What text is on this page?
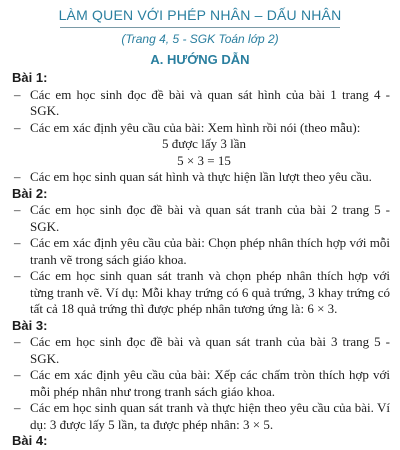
LÀM QUEN VỚI PHÉP NHÂN – DẤU NHÂN
(Trang 4, 5 - SGK Toán lớp 2)
A. HƯỚNG DẪN

Bài 1:

– Các em học sinh đọc đề bài và quan sát hình của bài 1 trang 4 - SGK.

– Các em xác định yêu cầu của bài: Xem hình rồi nói (theo mẫu):

5 được lấy 3 lần

5 × 3 = 15

– Các em học sinh quan sát hình và thực hiện lần lượt theo yêu cầu.

Bài 2:

– Các em học sinh đọc đề bài và quan sát tranh của bài 2 trang 5 - SGK.

– Các em xác định yêu cầu của bài: Chọn phép nhân thích hợp với mỗi tranh vẽ trong sách giáo khoa.

– Các em học sinh quan sát tranh và chọn phép nhân thích hợp với từng tranh vẽ. Ví dụ: Mỗi khay trứng có 6 quả trứng, 3 khay trứng có tất cả 18 quả trứng thì được phép nhân tương ứng là: 6 × 3.

Bài 3:

– Các em học sinh đọc đề bài và quan sát tranh của bài 3 trang 5 - SGK.

– Các em xác định yêu cầu của bài: Xếp các chấm tròn thích hợp với mỗi phép nhân như trong tranh sách giáo khoa.

– Các em học sinh quan sát tranh và thực hiện theo yêu cầu của bài. Ví dụ: 3 được lấy 5 lần, ta được phép nhân: 3 × 5.

Bài 4:
